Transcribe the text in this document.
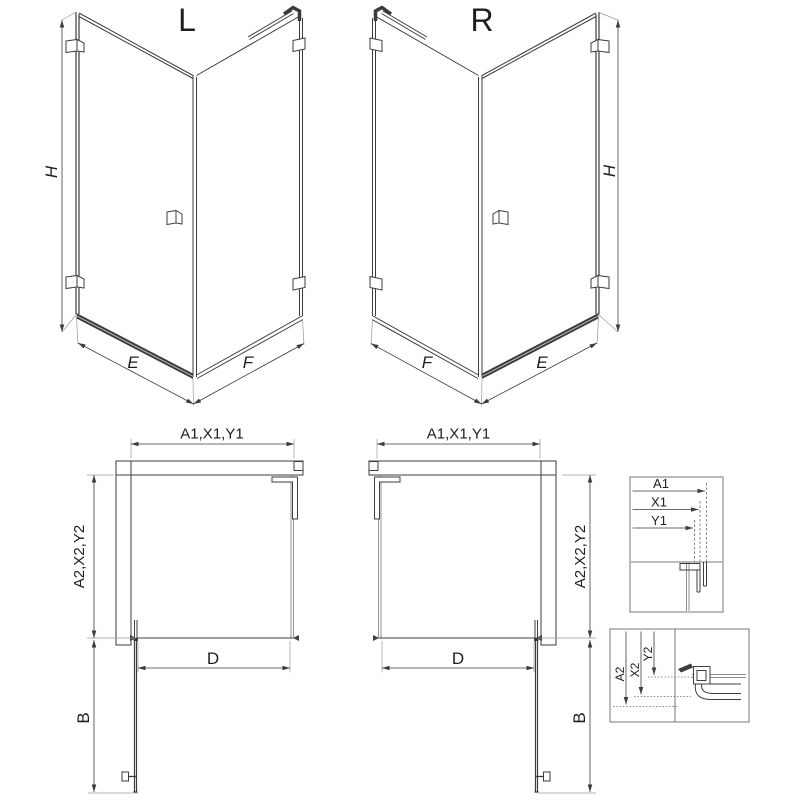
L
H
E	F
R
H
F	E
A1,X1,Y1
A2,X2,Y2
B
D
A1,X1,Y1
A2,X2,Y2
B
D
A1
X1
Y1
A2 X2
Y2
